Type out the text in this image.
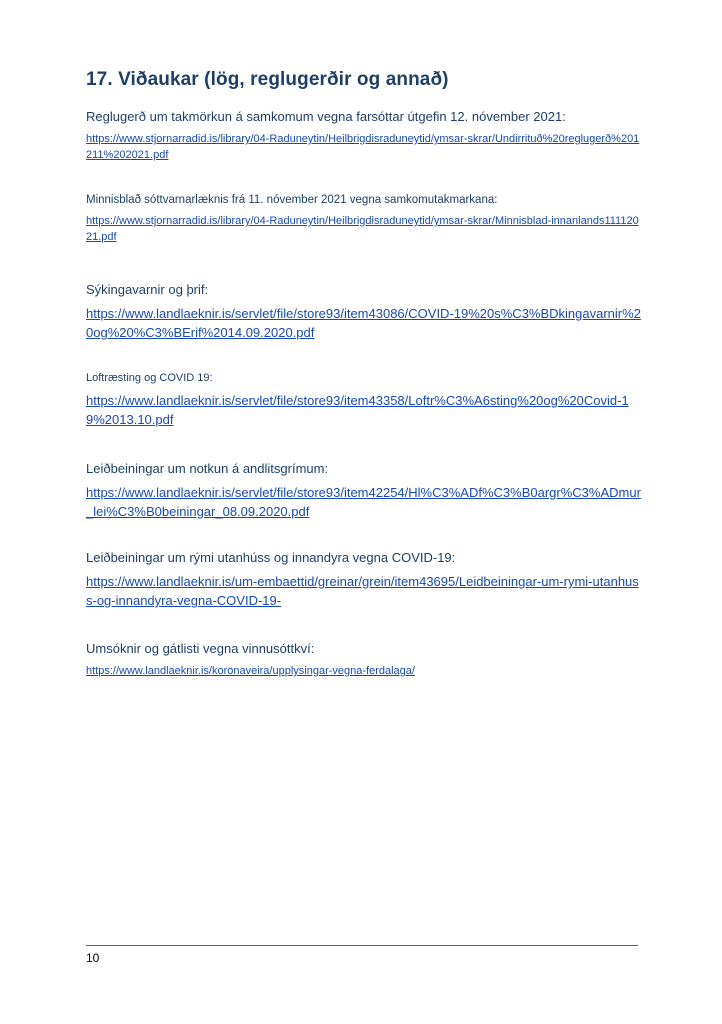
17. Viðaukar (lög, reglugerðir og annað)

Reglugerð um takmörkun á samkomum vegna farsóttar útgefin 12. nóvember 2021:

https://www.stjornarradid.is/library/04-Raduneytin/Heilbrigdisraduneytid/ymsar-skrar/Undirrituð%20reglugerð%201211%202021.pdf

Minnisblað sóttvarnarlæknis frá 11. nóvember 2021 vegna samkomutakmarkana:

https://www.stjornarradid.is/library/04-Raduneytin/Heilbrigdisraduneytid/ymsar-skrar/Minnisblad-innanlands11112021.pdf

Sýkingavarnir og þrif:

https://www.landlaeknir.is/servlet/file/store93/item43086/COVID-19%20s%C3%BDkingavarnir%20og%20%C3%BErif%2014.09.2020.pdf

Loftræsting og COVID 19:

https://www.landlaeknir.is/servlet/file/store93/item43358/Loftr%C3%A6sting%20og%20Covid-19%2013.10.pdf

Leiðbeiningar um notkun á andlitsgrímum:

https://www.landlaeknir.is/servlet/file/store93/item42254/Hl%C3%ADf%C3%B0argr%C3%ADmur_lei%C3%B0beiningar_08.09.2020.pdf

Leiðbeiningar um rými utanhúss og innandyra vegna COVID-19:

https://www.landlaeknir.is/um-embaettid/greinar/grein/item43695/Leidbeiningar-um-rymi-utanhuss-og-innandyra-vegna-COVID-19-

Umsóknir og gátlisti vegna vinnusóttkví:

https://www.landlaeknir.is/koronaveira/upplysingar-vegna-ferdalaga/
10
